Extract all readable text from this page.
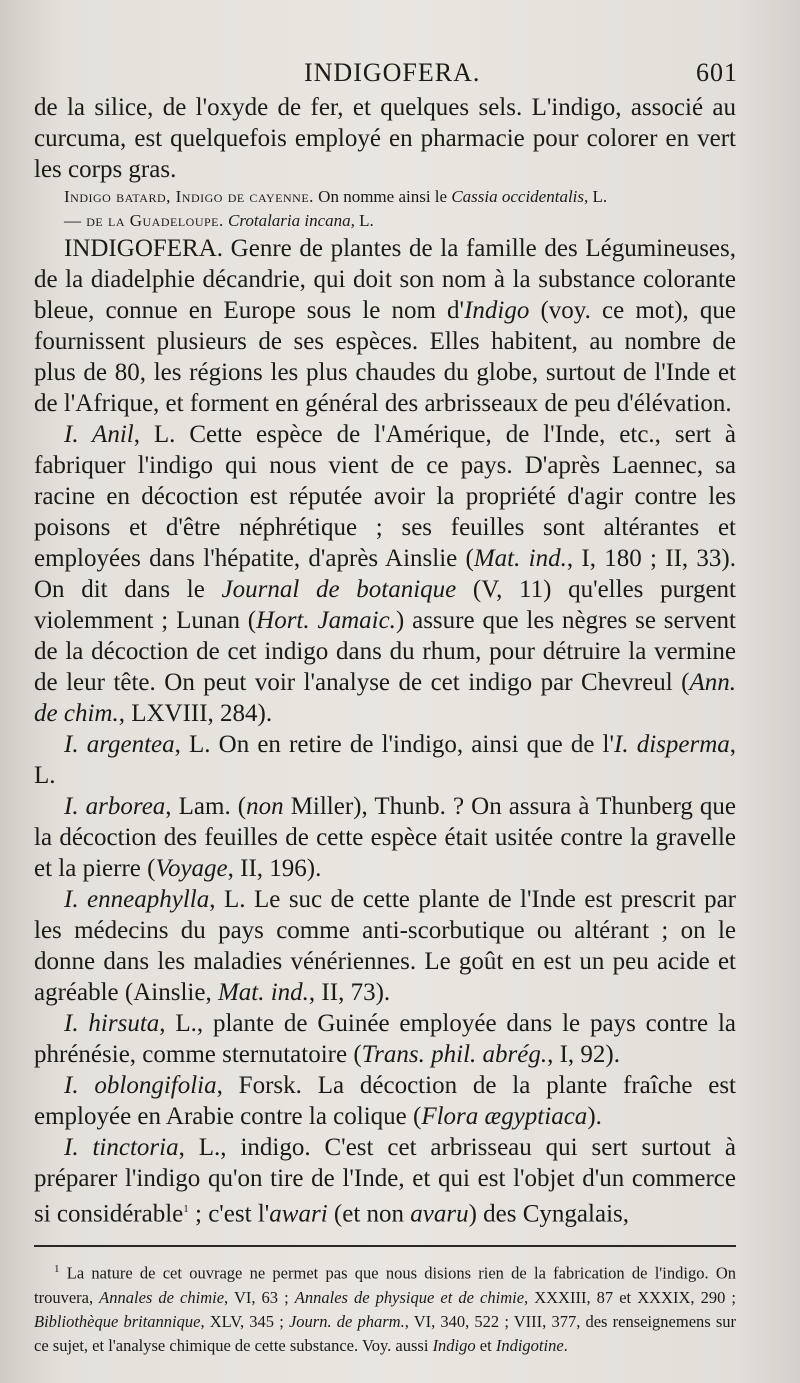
INDIGOFERA.	601

de la silice, de l'oxyde de fer, et quelques sels. L'indigo, associé au curcuma, est quelquefois employé en pharmacie pour colorer en vert les corps gras.

Indigo batard, Indigo de cayenne. On nomme ainsi le Cassia occidentalis, L.

— de la Guadeloupe. Crotalaria incana, L.

INDIGOFERA. Genre de plantes de la famille des Légumineuses, de la diadelphie décandrie, qui doit son nom à la substance colorante bleue, connue en Europe sous le nom d'Indigo (voy. ce mot), que fournissent plusieurs de ses espèces. Elles habitent, au nombre de plus de 80, les régions les plus chaudes du globe, surtout de l'Inde et de l'Afrique, et forment en général des arbrisseaux de peu d'élévation.

I. Anil, L. Cette espèce de l'Amérique, de l'Inde, etc., sert à fabriquer l'indigo qui nous vient de ce pays. D'après Laennec, sa racine en décoction est réputée avoir la propriété d'agir contre les poisons et d'être néphrétique ; ses feuilles sont altérantes et employées dans l'hépatite, d'après Ainslie (Mat. ind., I, 180 ; II, 33). On dit dans le Journal de botanique (V, 11) qu'elles purgent violemment ; Lunan (Hort. Jamaic.) assure que les nègres se servent de la décoction de cet indigo dans du rhum, pour détruire la vermine de leur tête. On peut voir l'analyse de cet indigo par Chevreul (Ann. de chim., LXVIII, 284).

I. argentea, L. On en retire de l'indigo, ainsi que de l'I. disperma, L.

I. arborea, Lam. (non Miller), Thunb. ? On assura à Thunberg que la décoction des feuilles de cette espèce était usitée contre la gravelle et la pierre (Voyage, II, 196).

I. enneaphylla, L. Le suc de cette plante de l'Inde est prescrit par les médecins du pays comme anti-scorbutique ou altérant ; on le donne dans les maladies vénériennes. Le goût en est un peu acide et agréable (Ainslie, Mat. ind., II, 73).

I. hirsuta, L., plante de Guinée employée dans le pays contre la phrénésie, comme sternutatoire (Trans. phil. abrég., I, 92).

I. oblongifolia, Forsk. La décoction de la plante fraîche est employée en Arabie contre la colique (Flora ægyptiaca).

I. tinctoria, L., indigo. C'est cet arbrisseau qui sert surtout à préparer l'indigo qu'on tire de l'Inde, et qui est l'objet d'un commerce si considérable$^1$ ; c'est l'awari (et non avaru) des Cyngalais,

$^1$ La nature de cet ouvrage ne permet pas que nous disions rien de la fabrication de l'indigo. On trouvera, Annales de chimie, VI, 63 ; Annales de physique et de chimie, XXXIII, 87 et XXXIX, 290 ; Bibliothèque britannique, XLV, 345 ; Journ. de pharm., VI, 340, 522 ; VIII, 377, des renseignemens sur ce sujet, et l'analyse chimique de cette substance. Voy. aussi Indigo et Indigotine.
